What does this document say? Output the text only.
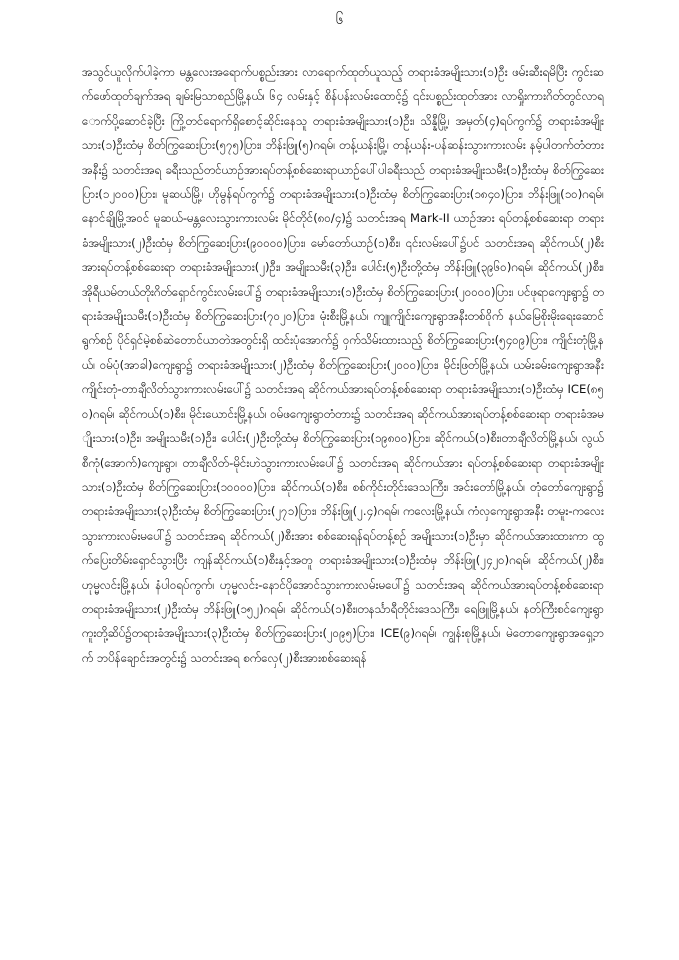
၆

အသွင်ယူလိုက်ပါခဲ့ကာ မန္တလေးအရောက်ပစ္စည်းအား လာရောက်ထုတ်ယူသည့် တရားခံအမျိုးသား(၁)ဦး ဖမ်းဆီးရမိပြီး ကွင်းဆက်ဖော်ထုတ်ချက်အရ ချမ်းမြသာစည်မြို့နယ်၊ ၆၄ လမ်းနှင့် စိန်ပန်းလမ်းထောင့်၌ ၎င်းပစ္စည်းထုတ်အား လာရှိုးကားဂိတ်တွင်လာရောက်ပို့ဆောင်ခဲ့ပြီး ကြို့တင်ရောက်ရှိစောင့်ဆိုင်းနေသူ တရားခံအမျိုးသား(၁)ဦး၊ သိန္နီမြို့၊ အမှတ်(၄)ရပ်ကွက်၌ တရားခံအမျိုးသား(၁)ဦးထံမှ စိတ်ကြွဆေးပြား(၅၇၅)ပြား၊ ဘိန်းဖြူ(၅)ဂရမ်၊ တန့်ယန်းမြို့၊ တန့်ယန်း-ပန်ဆန်းသွားကားလမ်း နမ့်ပါတက်တံတားအနီး၌ သတင်းအရ ခရီးသည်တင်ယာဉ်အားရပ်တန့်စစ်ဆေးရာယာဉ်ပေါ်ပါခရီးသည် တရားခံအမျိုးသမီး(၁)ဦးထံမှ စိတ်ကြွဆေးပြား(၁၂၀၀၀)ပြား၊ မူဆယ်မြို့၊ ဟိုမွန်ရပ်ကွက်၌ တရားခံအမျိုးသား(၁)ဦးထံမှ စိတ်ကြွဆေးပြား(၁၈၄၀)ပြား၊ ဘိန်းဖြူ(၁၀)ဂရမ်၊ နောင်ချိုမြို့အဝင် မူဆယ်-မန္တလေးသွားကားလမ်း မိုင်တိုင်(၈၀/၄)၌ သတင်းအရ Mark-II ယာဉ်အား ရပ်တန့်စစ်ဆေးရာ တရားခံအမျိုးသား(၂)ဦးထံမှ စိတ်ကြွဆေးပြား(၉၀၀၀၀)ပြား၊ မော်တော်ယာဉ်(၁)စီး၊ ၎င်းလမ်းပေါ်၌ပင် သတင်းအရ ဆိုင်ကယ်(၂)စီးအားရပ်တန့်စစ်ဆေးရာ တရားခံအမျိုးသား(၂)ဦး၊ အမျိုးသမီး(၃)ဦး၊ ပေါင်း(၅)ဦးတို့ထံမှ ဘိန်းဖြူ(၃၉၆၀)ဂရမ်၊ ဆိုင်ကယ်(၂)စီး၊ အိုရီယမ်တယ်တိုးဂိတ်ရှောင်ကွင်းလမ်းပေါ်၌ တရားခံအမျိုးသား(၁)ဦးထံမှ စိတ်ကြွဆေးပြား(၂၀၀၀၀)ပြား၊ ပင်ဖုရာကျေးရွာ၌ တရားခံအမျိုးသမီး(၁)ဦးထံမှ စိတ်ကြွဆေးပြား(၇၀၂၀)ပြား၊ မုံးစီးမြို့နယ်၊ ကျူကျိုင်းကျေးရွာအနီးတစ်ဝိုက် နယ်မြေစိုးမိုးရေးဆောင်ရွက်စဉ် ပိုင်ရှင်မဲ့စစ်ဆဲတောင်ယာတဲအတွင်းရှိ ထင်းပုံအောက်၌ ဝှက်သိမ်းထားသည့် စိတ်ကြွဆေးပြား(၅၄၀၉)ပြား၊ ကျိုင်းတုံမြို့နယ်၊ ဝမ်ပုံ(အာခါ)ကျေးရွာ၌ တရားခံအမျိုးသား(၂)ဦးထံမှ စိတ်ကြွဆေးပြား(၂၀၀၀)ပြား၊ မိုင်းဖြတ်မြို့နယ်၊ ယမ်းခမ်းကျေးရွာအနီး ကျိုင်းတုံ-တာချီလိတ်သွားကားလမ်းပေါ်၌ သတင်းအရ ဆိုင်ကယ်အားရပ်တန့်စစ်ဆေးရာ တရားခံအမျိုးသား(၁)ဦးထံမှ ICE(၈၅၀)ဂရမ်၊ ဆိုင်ကယ်(၁)စီး၊ မိုင်းယောင်းမြို့နယ်၊ ဝမ်ဖကျေးရွာတံတား၌ သတင်းအရ ဆိုင်ကယ်အားရပ်တန့်စစ်ဆေးရာ တရားခံအမျိုးသား(၁)ဦး၊ အမျိုးသမီး(၁)ဦး၊ ပေါင်း(၂)ဦးတို့ထံမှ စိတ်ကြွဆေးပြား(၁၉၈၀၀)ပြား၊ ဆိုင်ကယ်(၁)စီး၊တာချီလိတ်မြို့နယ်၊ လွယ်စီကုံ(အောက်)ကျေးရွာ၊ တာချီလိတ်-မိုင်းဟဲသွားကားလမ်းပေါ်၌ သတင်းအရ ဆိုင်ကယ်အား ရပ်တန့်စစ်ဆေးရာ တရားခံအမျိုးသား(၁)ဦးထံမှ စိတ်ကြွဆေးပြား(၁၀၀၀၀)ပြား၊ ဆိုင်ကယ်(၁)စီး၊ စစ်ကိုင်းတိုင်းဒေသကြီး၊ အင်းတော်မြို့နယ်၊ တုံတော်ကျေးရွာ၌ တရားခံအမျိုးသား(၃)ဦးထံမှ စိတ်ကြွဆေးပြား(၂၇၁)ပြား၊ ဘိန်းဖြူ(၂.၄)ဂရမ်၊ ကလေးမြို့နယ်၊ ကံလှကျေးရွာအနီး တမူး-ကလေးသွားကားလမ်းမပေါ်၌ သတင်းအရ ဆိုင်ကယ်(၂)စီးအား စစ်ဆေးရန်ရပ်တန့်စဉ် အမျိုးသား(၁)ဦးမှာ ဆိုင်ကယ်အားထားကာ ထွက်ပြေးတိမ်းရှောင်သွားပြီး ကျန်ဆိုင်ကယ်(၁)စီးနှင့်အတူ တရားခံအမျိုးသား(၁)ဦးထံမှ ဘိန်းဖြူ(၂၄၂၀)ဂရမ်၊ ဆိုင်ကယ်(၂)စီး၊ ဟုမ္မလင်းမြို့နယ်၊ နံပါ၀ရပ်ကွက်၊ ဟုမ္မလင်း-နောင်ပိုအောင်သွားကားလမ်းမပေါ်၌ သတင်းအရ ဆိုင်ကယ်အားရပ်တန့်စစ်ဆေးရာ တရားခံအမျိုးသား(၂)ဦးထံမှ ဘိန်းဖြူ(၁၅၂)ဂရမ်၊ ဆိုင်ကယ်(၁)စီး၊တနင်္သာရီတိုင်းဒေသကြီး၊ ရေဖြူမြို့နယ်၊ နတ်ကြီးစင်ကျေးရွာကူးတို့ဆိပ်၌တရားခံအမျိုးသား(၃)ဦးထံမှ စိတ်ကြွဆေးပြား(၂၀၉၅)ပြား၊ ICE(၉)ဂရမ်၊ ကျွန်းစုမြို့နယ်၊ မဲတောကျေးရွာအရှေ့ဘက် ဘပိန်ချောင်းအတွင်း၌ သတင်းအရ စက်လှေ(၂)စီးအားစစ်ဆေးရန်
